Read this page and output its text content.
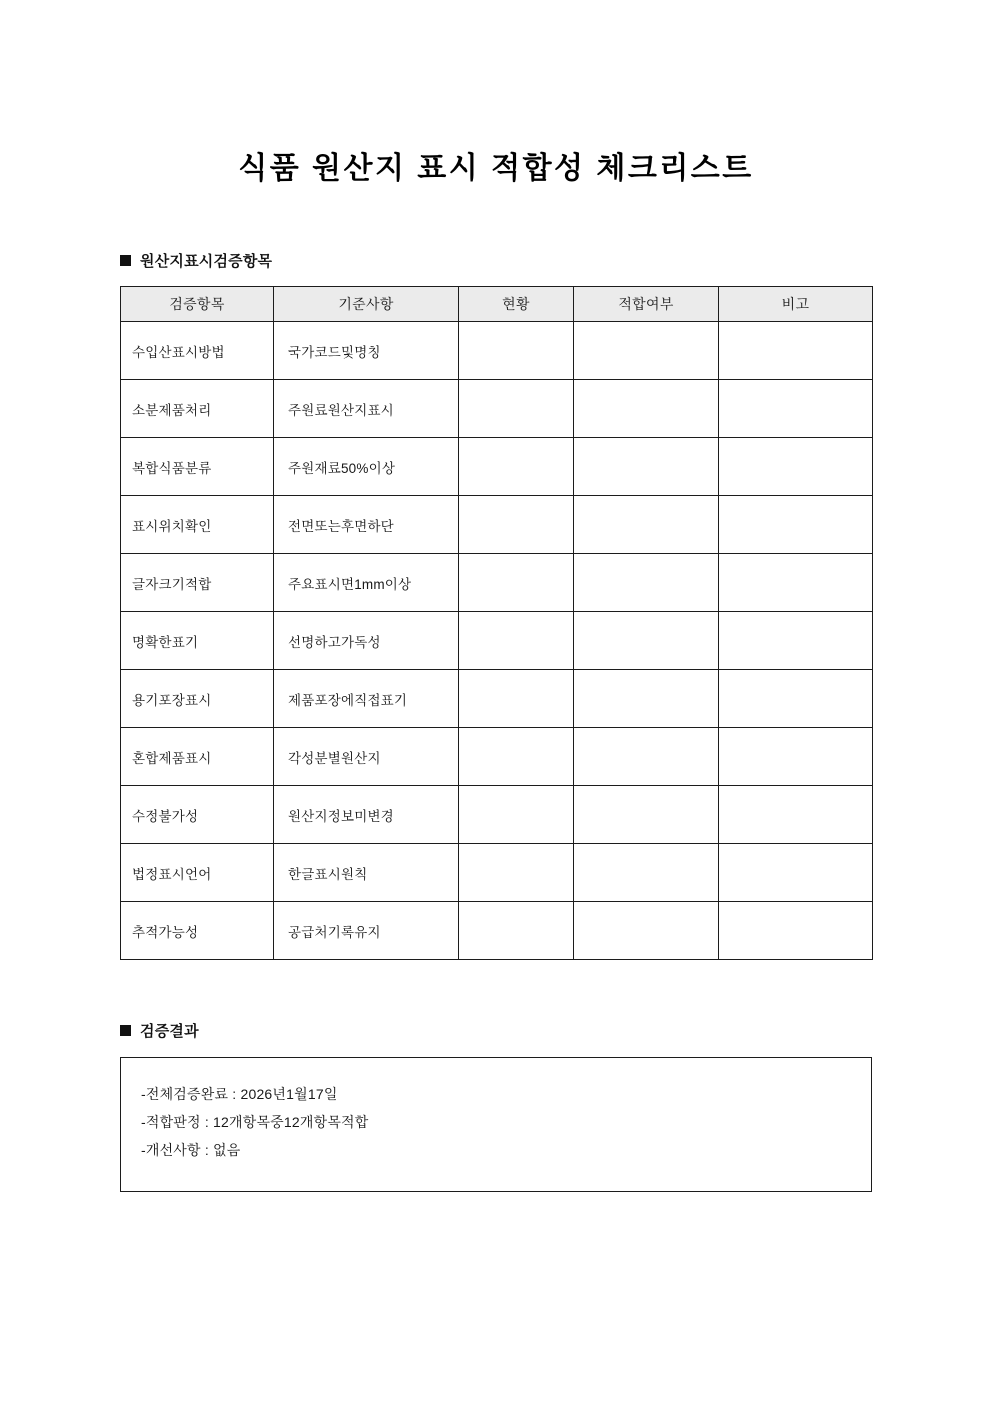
식품 원산지 표시 적합성 체크리스트
원산지표시검증항목
검증항목	기준사항	현황	적합여부	비고
수입산표시방법	국가코드및명칭			
소분제품처리	주원료원산지표시			
복합식품분류	주원재료50%이상			
표시위치확인	전면또는후면하단			
글자크기적합	주요표시면1mm이상			
명확한표기	선명하고가독성			
용기포장표시	제품포장에직접표기			
혼합제품표시	각성분별원산지			
수정불가성	원산지정보미변경			
법정표시언어	한글표시원칙			
추적가능성	공급처기록유지			
검증결과
-전체검증완료 : 2026년1월17일
-적합판정 : 12개항목중12개항목적합
-개선사항 : 없음
